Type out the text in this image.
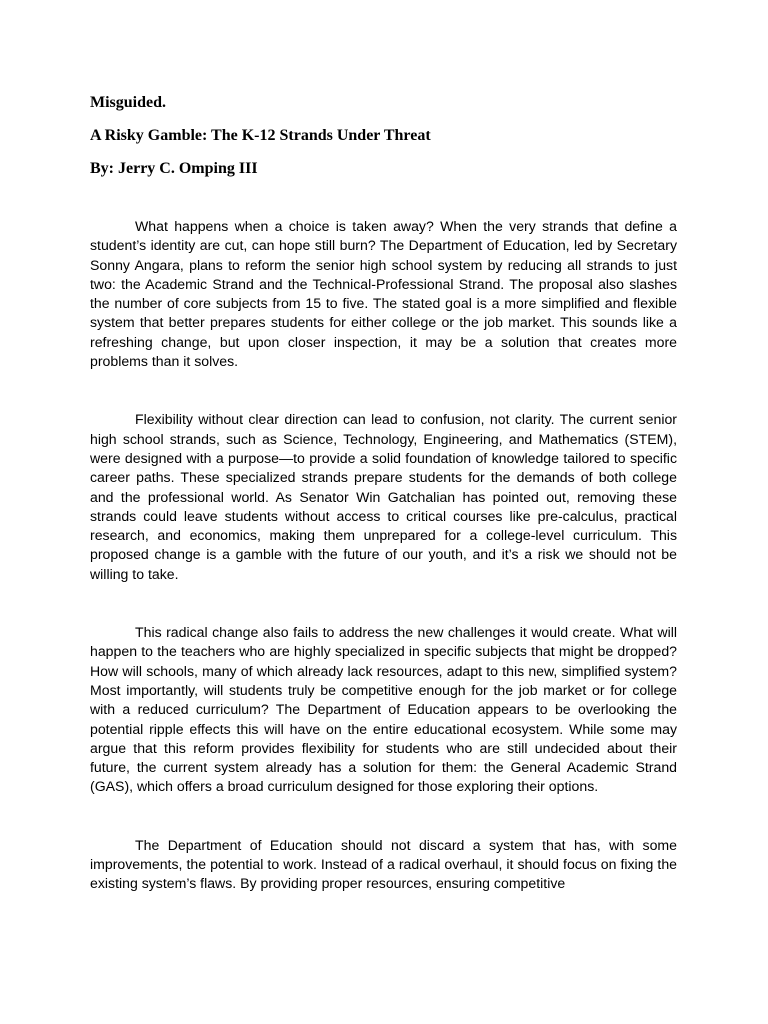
Misguided.

A Risky Gamble: The K-12 Strands Under Threat

By: Jerry C. Omping III

What happens when a choice is taken away? When the very strands that define a student’s identity are cut, can hope still burn? The Department of Education, led by Secretary Sonny Angara, plans to reform the senior high school system by reducing all strands to just two: the Academic Strand and the Technical-Professional Strand. The proposal also slashes the number of core subjects from 15 to five. The stated goal is a more simplified and flexible system that better prepares students for either college or the job market. This sounds like a refreshing change, but upon closer inspection, it may be a solution that creates more problems than it solves.

Flexibility without clear direction can lead to confusion, not clarity. The current senior high school strands, such as Science, Technology, Engineering, and Mathematics (STEM), were designed with a purpose—to provide a solid foundation of knowledge tailored to specific career paths. These specialized strands prepare students for the demands of both college and the professional world. As Senator Win Gatchalian has pointed out, removing these strands could leave students without access to critical courses like pre-calculus, practical research, and economics, making them unprepared for a college-level curriculum. This proposed change is a gamble with the future of our youth, and it’s a risk we should not be willing to take.

This radical change also fails to address the new challenges it would create. What will happen to the teachers who are highly specialized in specific subjects that might be dropped? How will schools, many of which already lack resources, adapt to this new, simplified system? Most importantly, will students truly be competitive enough for the job market or for college with a reduced curriculum? The Department of Education appears to be overlooking the potential ripple effects this will have on the entire educational ecosystem. While some may argue that this reform provides flexibility for students who are still undecided about their future, the current system already has a solution for them: the General Academic Strand (GAS), which offers a broad curriculum designed for those exploring their options.

The Department of Education should not discard a system that has, with some improvements, the potential to work. Instead of a radical overhaul, it should focus on fixing the existing system’s flaws. By providing proper resources, ensuring competitive
